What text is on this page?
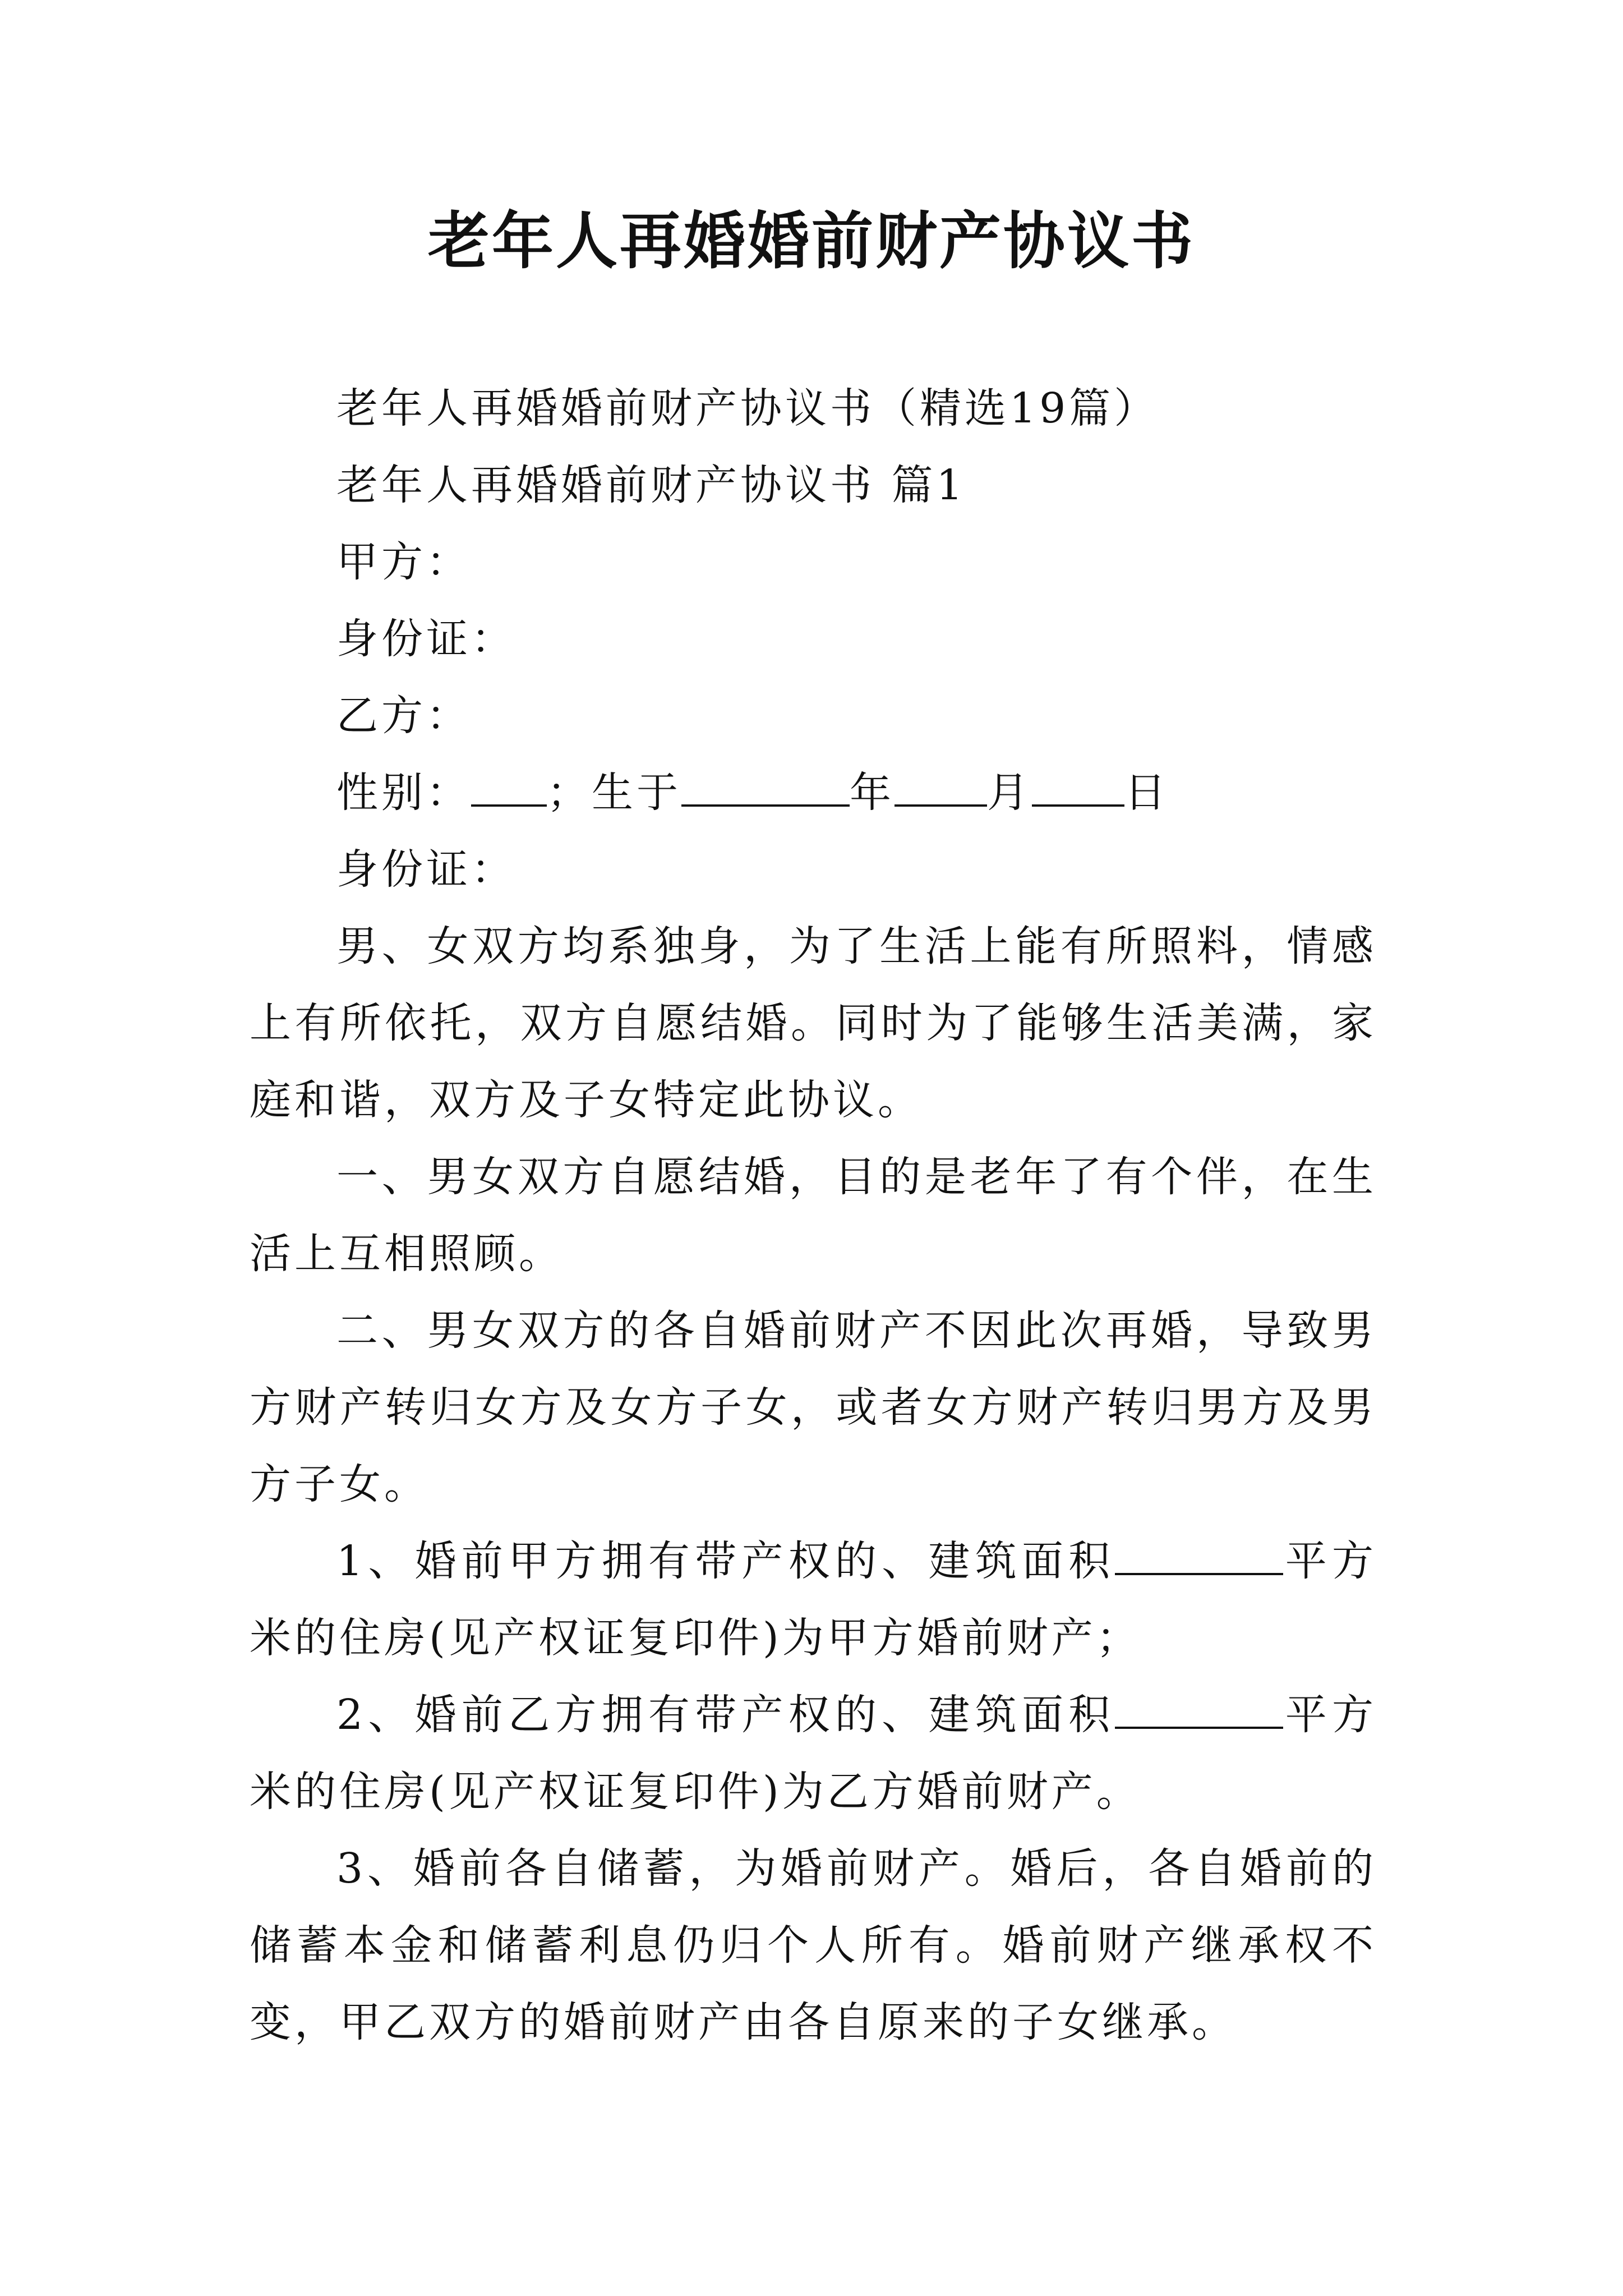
老年人再婚婚前财产协议书
老年人再婚婚前财产协议书（精选19篇）
老年人再婚婚前财产协议书 篇1
甲方：
身份证：
乙方：
性别： ；生于	年 月 日
身份证：
男、女双方均系独身，为了生活上能有所照料，情感上有所依托，双方自愿结婚。同时为了能够生活美满，家庭和谐，双方及子女特定此协议。
一、男女双方自愿结婚，目的是老年了有个伴，在生活上互相照顾。
二、男女双方的各自婚前财产不因此次再婚，导致男方财产转归女方及女方子女，或者女方财产转归男方及男方子女。
1、婚前甲方拥有带产权的、建筑面积	平方米的住房(见产权证复印件)为甲方婚前财产；
2、婚前乙方拥有带产权的、建筑面积	平方米的住房(见产权证复印件)为乙方婚前财产。
3、婚前各自储蓄，为婚前财产。婚后，各自婚前的储蓄本金和储蓄利息仍归个人所有。婚前财产继承权不变，甲乙双方的婚前财产由各自原来的子女继承。
